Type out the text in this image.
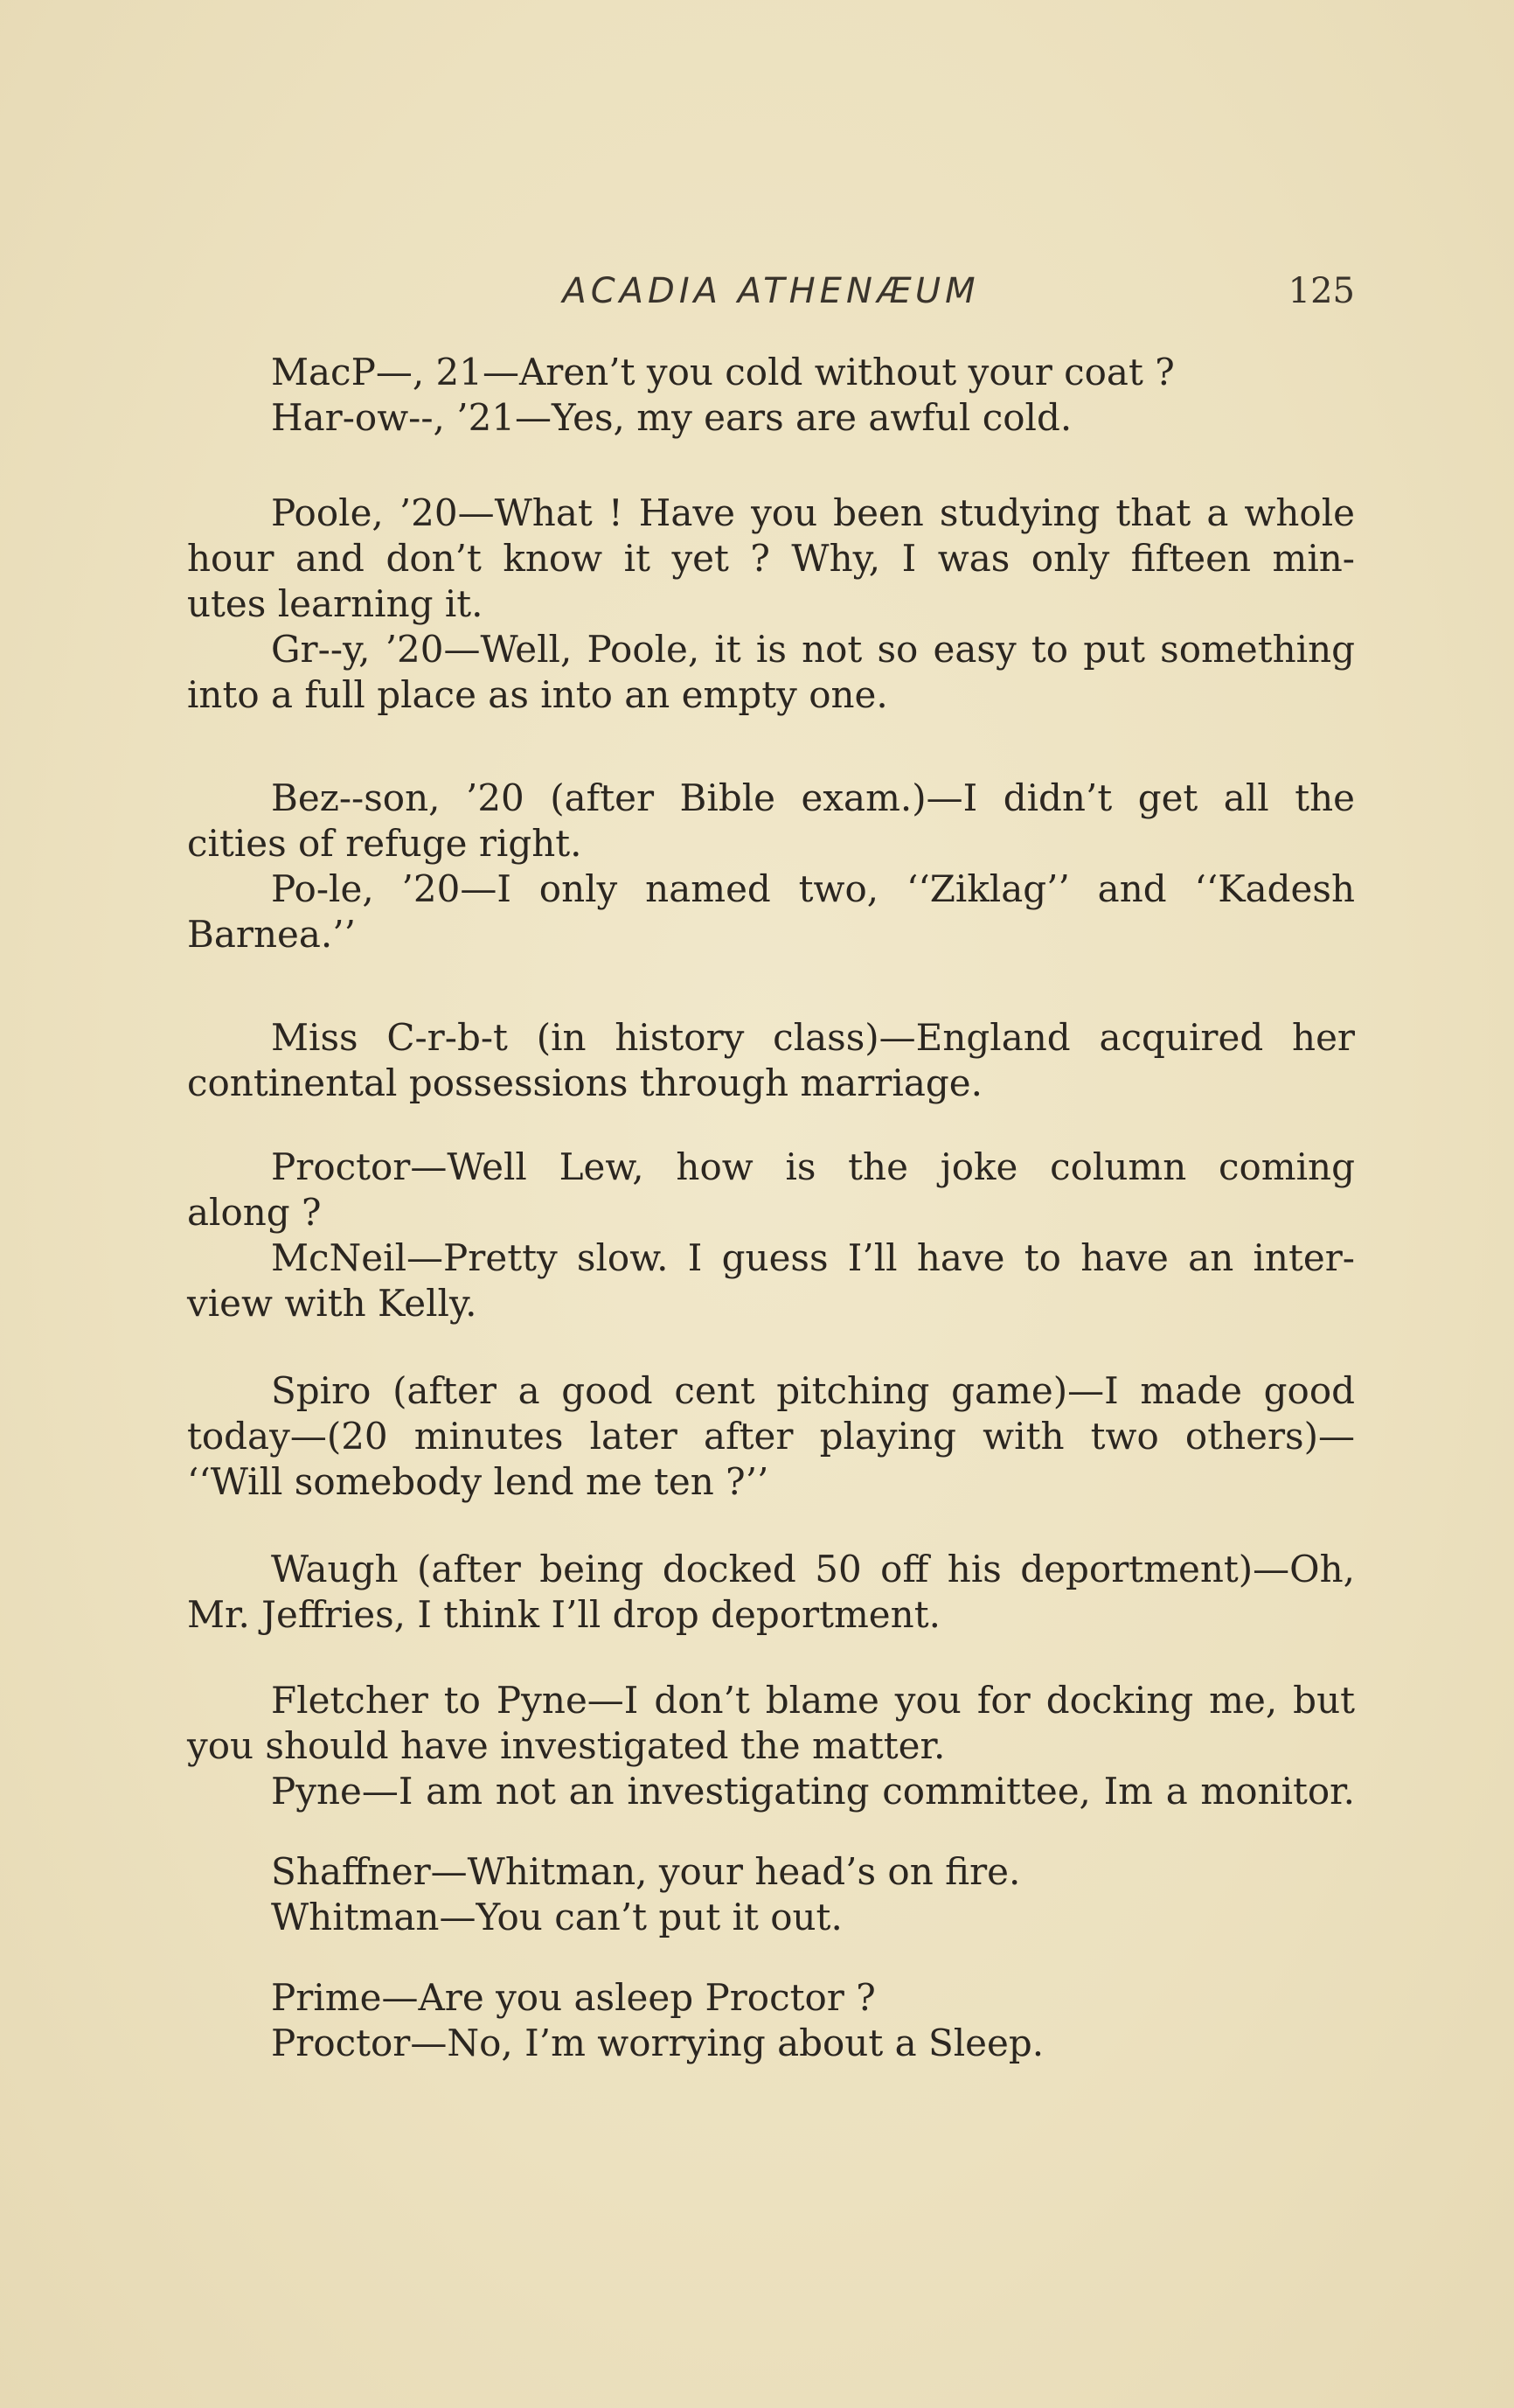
ACADIA ATHENÆUM	125
MacP—, 21—Aren’t you cold without your coat ?
Har-ow--, ’21—Yes, my ears are awful cold.
Poole, ’20—What ! Have you been studying that a whole
hour and don’t know it yet ? Why, I was only fifteen min-
utes learning it.
Gr--y, ’20—Well, Poole, it is not so easy to put something
into a full place as into an empty one.
Bez--son, ’20 (after Bible exam.)—I didn’t get all the
cities of refuge right.
Po-le, ’20—I only named two, ‘‘Ziklag’’ and ‘‘Kadesh
Barnea.’’
Miss C-r-b-t (in history class)—England acquired her
continental possessions through marriage.
Proctor—Well Lew, how is the joke column coming
along ?
McNeil—Pretty slow. I guess I’ll have to have an inter-
view with Kelly.
Spiro (after a good cent pitching game)—I made good
today—(20 minutes later after playing with two others)—
‘‘Will somebody lend me ten ?’’
Waugh (after being docked 50 off his deportment)—Oh,
Mr. Jeffries, I think I’ll drop deportment.
Fletcher to Pyne—I don’t blame you for docking me, but
you should have investigated the matter.
Pyne—I am not an investigating committee, Im a monitor.
Shaffner—Whitman, your head’s on fire.
Whitman—You can’t put it out.
Prime—Are you asleep Proctor ?
Proctor—No, I’m worrying about a Sleep.
